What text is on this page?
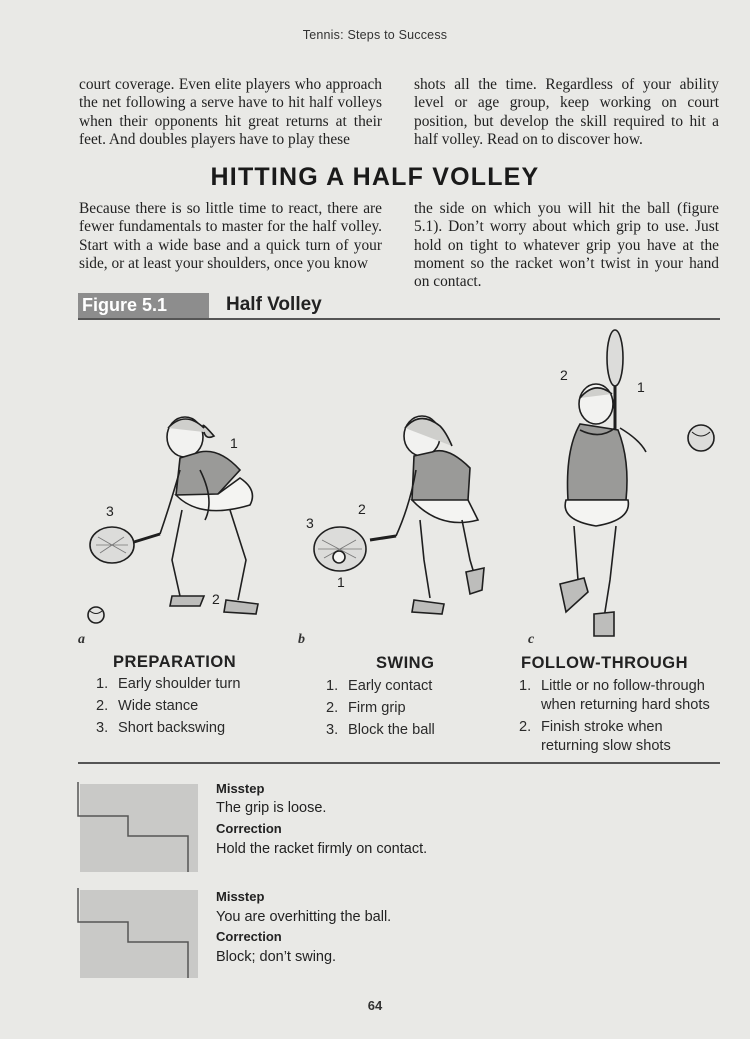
Tennis: Steps to Success
court coverage. Even elite players who approach the net following a serve have to hit half volleys when their opponents hit great returns at their feet. And doubles players have to play these
shots all the time. Regardless of your ability level or age group, keep working on court position, but develop the skill required to hit a half volley. Read on to discover how.
HITTING A HALF VOLLEY
Because there is so little time to react, there are fewer fundamentals to master for the half volley. Start with a wide base and a quick turn of your side, or at least your shoulders, once you know
the side on which you will hit the ball (figure 5.1). Don’t worry about which grip to use. Just hold on tight to whatever grip you have at the moment so the racket won’t twist in your hand on contact.
Figure 5.1	Half Volley
1
2
3	2
3
1
2
1
a	b	c
PREPARATION
1. Early shoulder turn
2. Wide stance
3. Short backswing
SWING
1. Early contact
2. Firm grip
3. Block the ball
FOLLOW-THROUGH
1. Little or no follow-through when returning hard shots
2. Finish stroke when returning slow shots
Misstep
The grip is loose.
Correction
Hold the racket firmly on contact.
Misstep
You are overhitting the ball.
Correction
Block; don’t swing.
64
